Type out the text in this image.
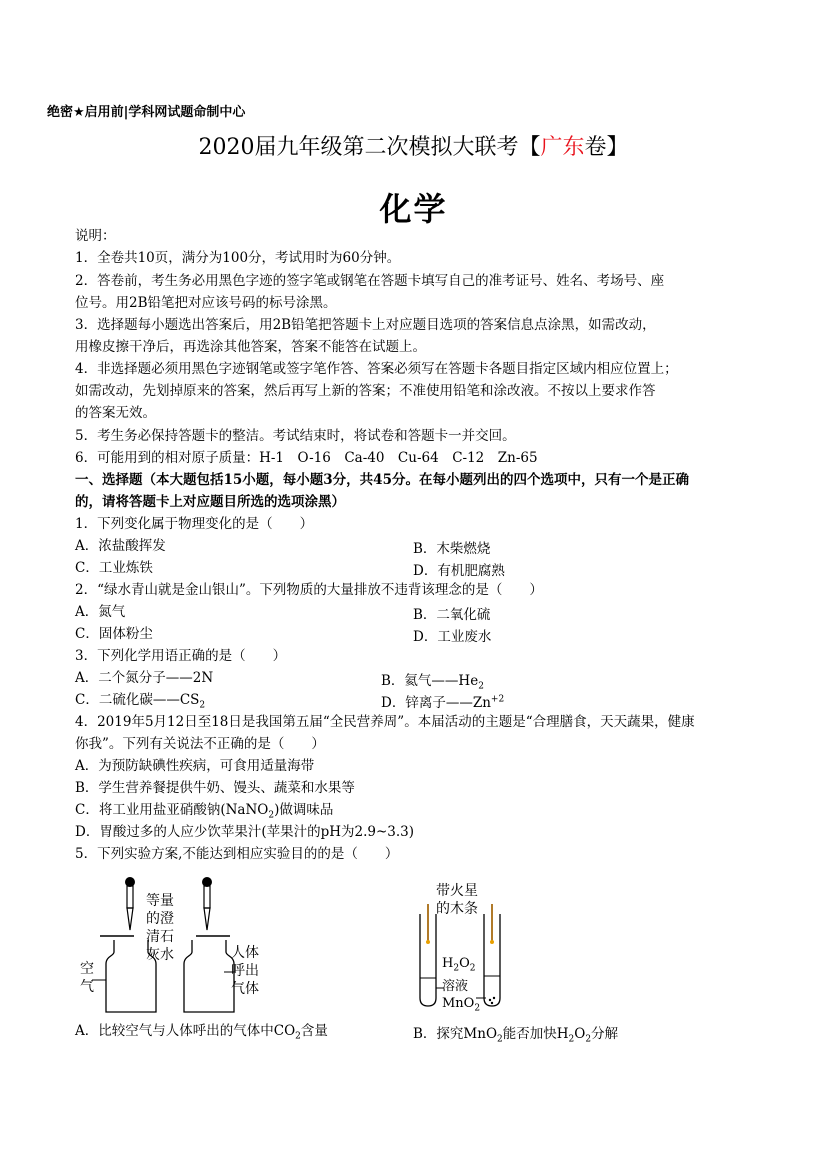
绝密★启用前|学科网试题命制中心
2020届九年级第二次模拟大联考【广东卷】
化学
说明：
1．全卷共10页，满分为100分，考试用时为60分钟。
2．答卷前，考生务必用黑色字迹的签字笔或钢笔在答题卡填写自己的准考证号、姓名、考场号、座
位号。用2B铅笔把对应该号码的标号涂黑。
3．选择题每小题选出答案后，用2B铅笔把答题卡上对应题目选项的答案信息点涂黑，如需改动，
用橡皮擦干净后，再选涂其他答案，答案不能答在试题上。
4．非选择题必须用黑色字迹钢笔或签字笔作答、答案必须写在答题卡各题目指定区域内相应位置上；
如需改动，先划掉原来的答案，然后再写上新的答案；不准使用铅笔和涂改液。不按以上要求作答
的答案无效。
5．考生务必保持答题卡的整洁。考试结束时，将试卷和答题卡一并交回。
6．可能用到的相对原子质量：H-1　O-16　Ca-40　Cu-64　C-12　Zn-65
一、选择题（本大题包括15小题，每小题3分，共45分。在每小题列出的四个选项中，只有一个是正确
的，请将答题卡上对应题目所选的选项涂黑）
1．下列变化属于物理变化的是（　　）
A．浓盐酸挥发	B．木柴燃烧
C．工业炼铁	D．有机肥腐熟
2．“绿水青山就是金山银山”。下列物质的大量排放不违背该理念的是（　　）
A．氮气	B．二氧化硫
C．固体粉尘	D．工业废水
3．下列化学用语正确的是（　　）
A．二个氮分子——2N	B．氦气$——He_2$
C．二硫化碳$——CS_2$	D．锌离子$——Zn^{+2}$
4．2019年5月12日至18日是我国第五届“全民营养周”。本届活动的主题是“合理膳食，天天蔬果，健康
你我”。下列有关说法不正确的是（　　）
A．为预防缺碘性疾病，可食用适量海带
B．学生营养餐提供牛奶、馒头、蔬菜和水果等
C．将工业用盐亚硝酸钠(NaNO$_2$)做调味品
D．胃酸过多的人应少饮苹果汁(苹果汁的pH为2.9~3.3)
5．下列实验方案,不能达到相应实验目的的是（　　）
等量
的澄
清石
灰水
空
气
人体
呼出
气体
带火星
的木条
$H_2O_2$
溶液
MnO$_2$
A．比较空气与人体呼出的气体中$CO_2$含量	B．探究MnO$_2$能否加快$H_2O_2$分解
